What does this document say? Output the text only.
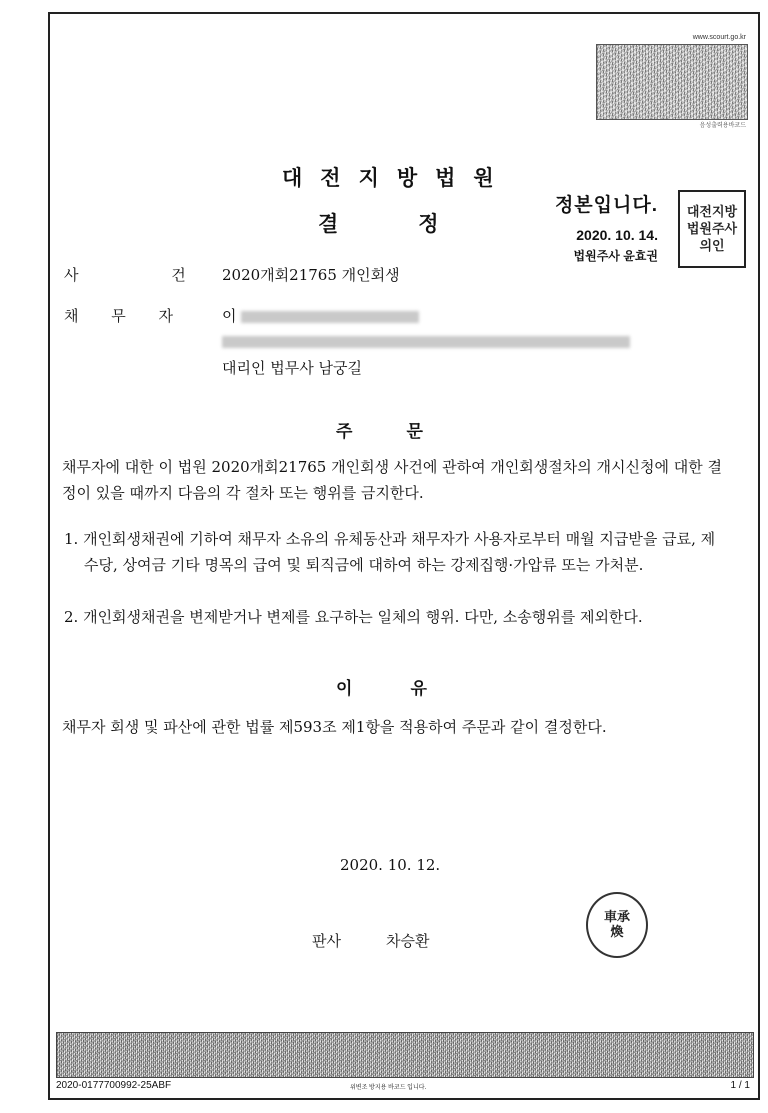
www.scourt.go.kr
음성출력용바코드
대전지방법원
결	정
정본입니다.
2020. 10. 14.
법원주사 윤효권
대전지방법원주사의인
사 건
2020개회21765 개인회생
채 무 자 이
대리인 법무사 남궁길
주	문
채무자에 대한 이 법원 2020개회21765 개인회생 사건에 관하여 개인회생절차의 개시신청에 대한 결정이 있을 때까지 다음의 각 절차 또는 행위를 금지한다.
1. 개인회생채권에 기하여 채무자 소유의 유체동산과 채무자가 사용자로부터 매월 지급받을 급료, 제수당, 상여금 기타 명목의 급여 및 퇴직금에 대하여 하는 강제집행·가압류 또는 가처분.
2. 개인회생채권을 변제받거나 변제를 요구하는 일체의 행위. 다만, 소송행위를 제외한다.
이	유
채무자 회생 및 파산에 관한 법률 제593조 제1항을 적용하여 주문과 같이 결정한다.
2020. 10. 12.
판사	차승환
車承煥
2020-0177700992-25ABF	위변조 방지용 바코드 입니다.	1 / 1
